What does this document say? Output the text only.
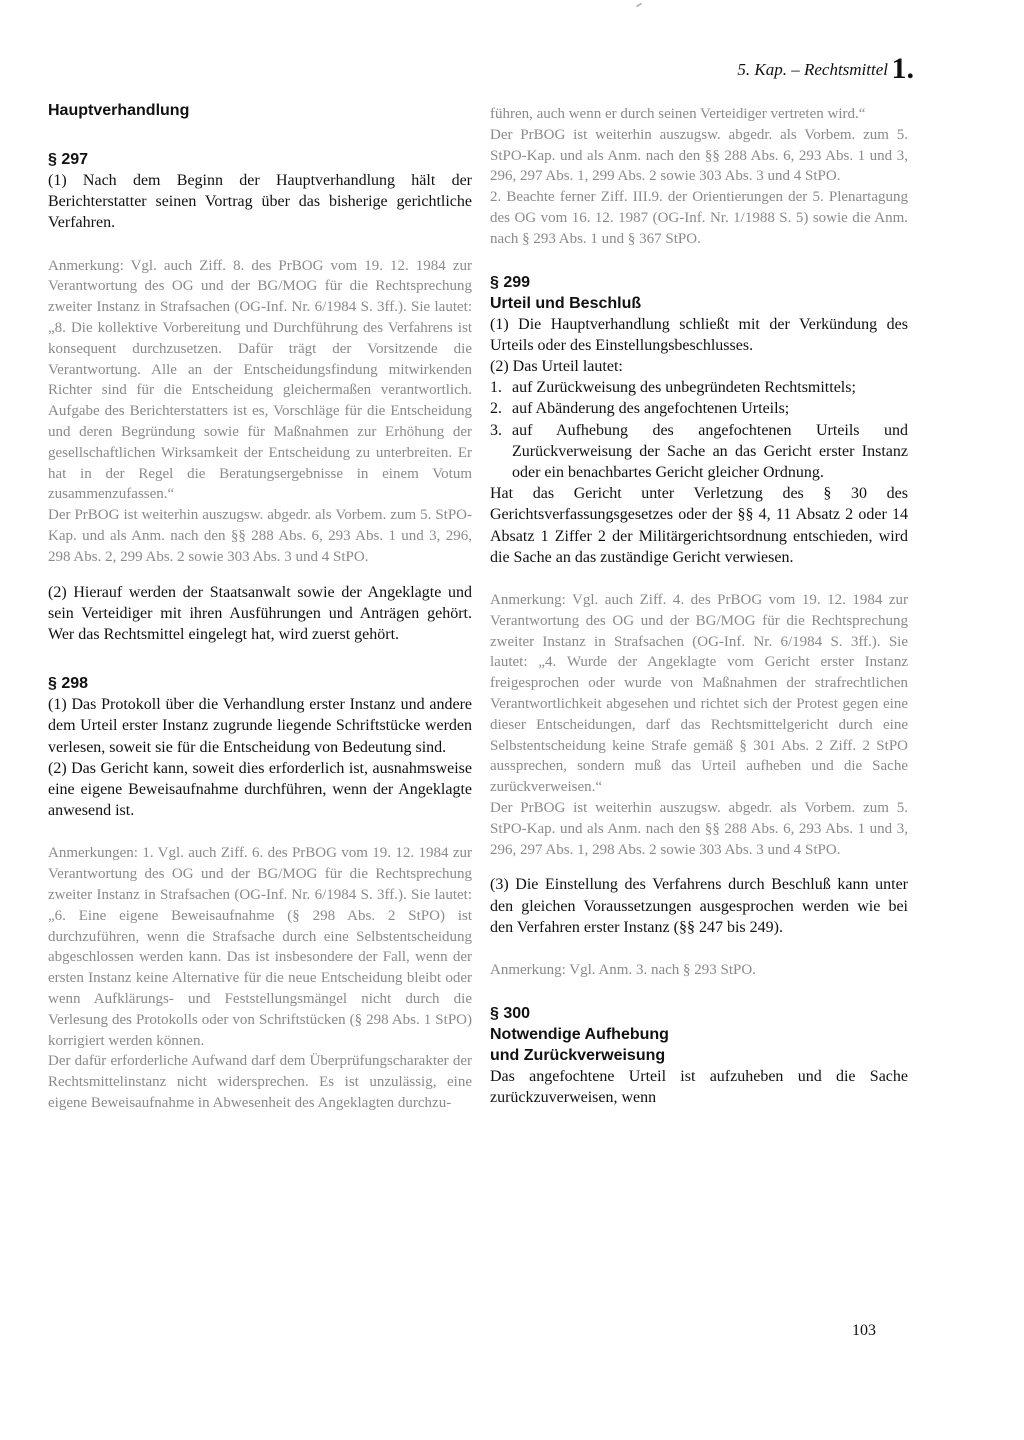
5. Kap. – Rechtsmittel 1.

Hauptverhandlung

§ 297

(1) Nach dem Beginn der Hauptverhandlung hält der Berichterstatter seinen Vortrag über das bisherige gerichtliche Verfahren.

Anmerkung: Vgl. auch Ziff. 8. des PrBOG vom 19. 12. 1984 zur Verantwortung des OG und der BG/MOG für die Rechtsprechung zweiter Instanz in Strafsachen (OG-Inf. Nr. 6/1984 S. 3ff.). Sie lautet: „8. Die kollektive Vorbereitung und Durchführung des Verfahrens ist konsequent durchzusetzen. Dafür trägt der Vorsitzende die Verantwortung. Alle an der Entscheidungsfindung mitwirkenden Richter sind für die Entscheidung gleichermaßen verantwortlich. Aufgabe des Berichterstatters ist es, Vorschläge für die Entscheidung und deren Begründung sowie für Maßnahmen zur Erhöhung der gesellschaftlichen Wirksamkeit der Entscheidung zu unterbreiten. Er hat in der Regel die Beratungsergebnisse in einem Votum zusammenzufassen.“

Der PrBOG ist weiterhin auszugsw. abgedr. als Vorbem. zum 5. StPO-Kap. und als Anm. nach den §§ 288 Abs. 6, 293 Abs. 1 und 3, 296, 298 Abs. 2, 299 Abs. 2 sowie 303 Abs. 3 und 4 StPO.

(2) Hierauf werden der Staatsanwalt sowie der Angeklagte und sein Verteidiger mit ihren Ausführungen und Anträgen gehört. Wer das Rechtsmittel eingelegt hat, wird zuerst gehört.

§ 298

(1) Das Protokoll über die Verhandlung erster Instanz und andere dem Urteil erster Instanz zugrunde liegende Schriftstücke werden verlesen, soweit sie für die Entscheidung von Bedeutung sind.

(2) Das Gericht kann, soweit dies erforderlich ist, ausnahmsweise eine eigene Beweisaufnahme durchführen, wenn der Angeklagte anwesend ist.

Anmerkungen: 1. Vgl. auch Ziff. 6. des PrBOG vom 19. 12. 1984 zur Verantwortung des OG und der BG/MOG für die Rechtsprechung zweiter Instanz in Strafsachen (OG-Inf. Nr. 6/1984 S. 3ff.). Sie lautet: „6. Eine eigene Beweisaufnahme (§ 298 Abs. 2 StPO) ist durchzuführen, wenn die Strafsache durch eine Selbstentscheidung abgeschlossen werden kann. Das ist insbesondere der Fall, wenn der ersten Instanz keine Alternative für die neue Entscheidung bleibt oder wenn Aufklärungs- und Feststellungsmängel nicht durch die Verlesung des Protokolls oder von Schriftstücken (§ 298 Abs. 1 StPO) korrigiert werden können.

Der dafür erforderliche Aufwand darf dem Überprüfungscharakter der Rechtsmittelinstanz nicht widersprechen. Es ist unzulässig, eine eigene Beweisaufnahme in Abwesenheit des Angeklagten durchzu-

führen, auch wenn er durch seinen Verteidiger vertreten wird.“

Der PrBOG ist weiterhin auszugsw. abgedr. als Vorbem. zum 5. StPO-Kap. und als Anm. nach den §§ 288 Abs. 6, 293 Abs. 1 und 3, 296, 297 Abs. 1, 299 Abs. 2 sowie 303 Abs. 3 und 4 StPO.

2. Beachte ferner Ziff. III.9. der Orientierungen der 5. Plenartagung des OG vom 16. 12. 1987 (OG-Inf. Nr. 1/1988 S. 5) sowie die Anm. nach § 293 Abs. 1 und § 367 StPO.

§ 299

Urteil und Beschluß

(1) Die Hauptverhandlung schließt mit der Verkündung des Urteils oder des Einstellungsbeschlusses.

(2) Das Urteil lautet:

1. auf Zurückweisung des unbegründeten Rechtsmittels;
2. auf Abänderung des angefochtenen Urteils;
3. auf Aufhebung des angefochtenen Urteils und Zurückverweisung der Sache an das Gericht erster Instanz oder ein benachbartes Gericht gleicher Ordnung.

Hat das Gericht unter Verletzung des § 30 des Gerichtsverfassungsgesetzes oder der §§ 4, 11 Absatz 2 oder 14 Absatz 1 Ziffer 2 der Militärgerichtsordnung entschieden, wird die Sache an das zuständige Gericht verwiesen.

Anmerkung: Vgl. auch Ziff. 4. des PrBOG vom 19. 12. 1984 zur Verantwortung des OG und der BG/MOG für die Rechtsprechung zweiter Instanz in Strafsachen (OG-Inf. Nr. 6/1984 S. 3ff.). Sie lautet: „4. Wurde der Angeklagte vom Gericht erster Instanz freigesprochen oder wurde von Maßnahmen der strafrechtlichen Verantwortlichkeit abgesehen und richtet sich der Protest gegen eine dieser Entscheidungen, darf das Rechtsmittelgericht durch eine Selbstentscheidung keine Strafe gemäß § 301 Abs. 2 Ziff. 2 StPO aussprechen, sondern muß das Urteil aufheben und die Sache zurückverweisen.“

Der PrBOG ist weiterhin auszugsw. abgedr. als Vorbem. zum 5. StPO-Kap. und als Anm. nach den §§ 288 Abs. 6, 293 Abs. 1 und 3, 296, 297 Abs. 1, 298 Abs. 2 sowie 303 Abs. 3 und 4 StPO.

(3) Die Einstellung des Verfahrens durch Beschluß kann unter den gleichen Voraussetzungen ausgesprochen werden wie bei den Verfahren erster Instanz (§§ 247 bis 249).

Anmerkung: Vgl. Anm. 3. nach § 293 StPO.

§ 300

Notwendige Aufhebung

und Zurückverweisung

Das angefochtene Urteil ist aufzuheben und die Sache zurückzuverweisen, wenn

103
